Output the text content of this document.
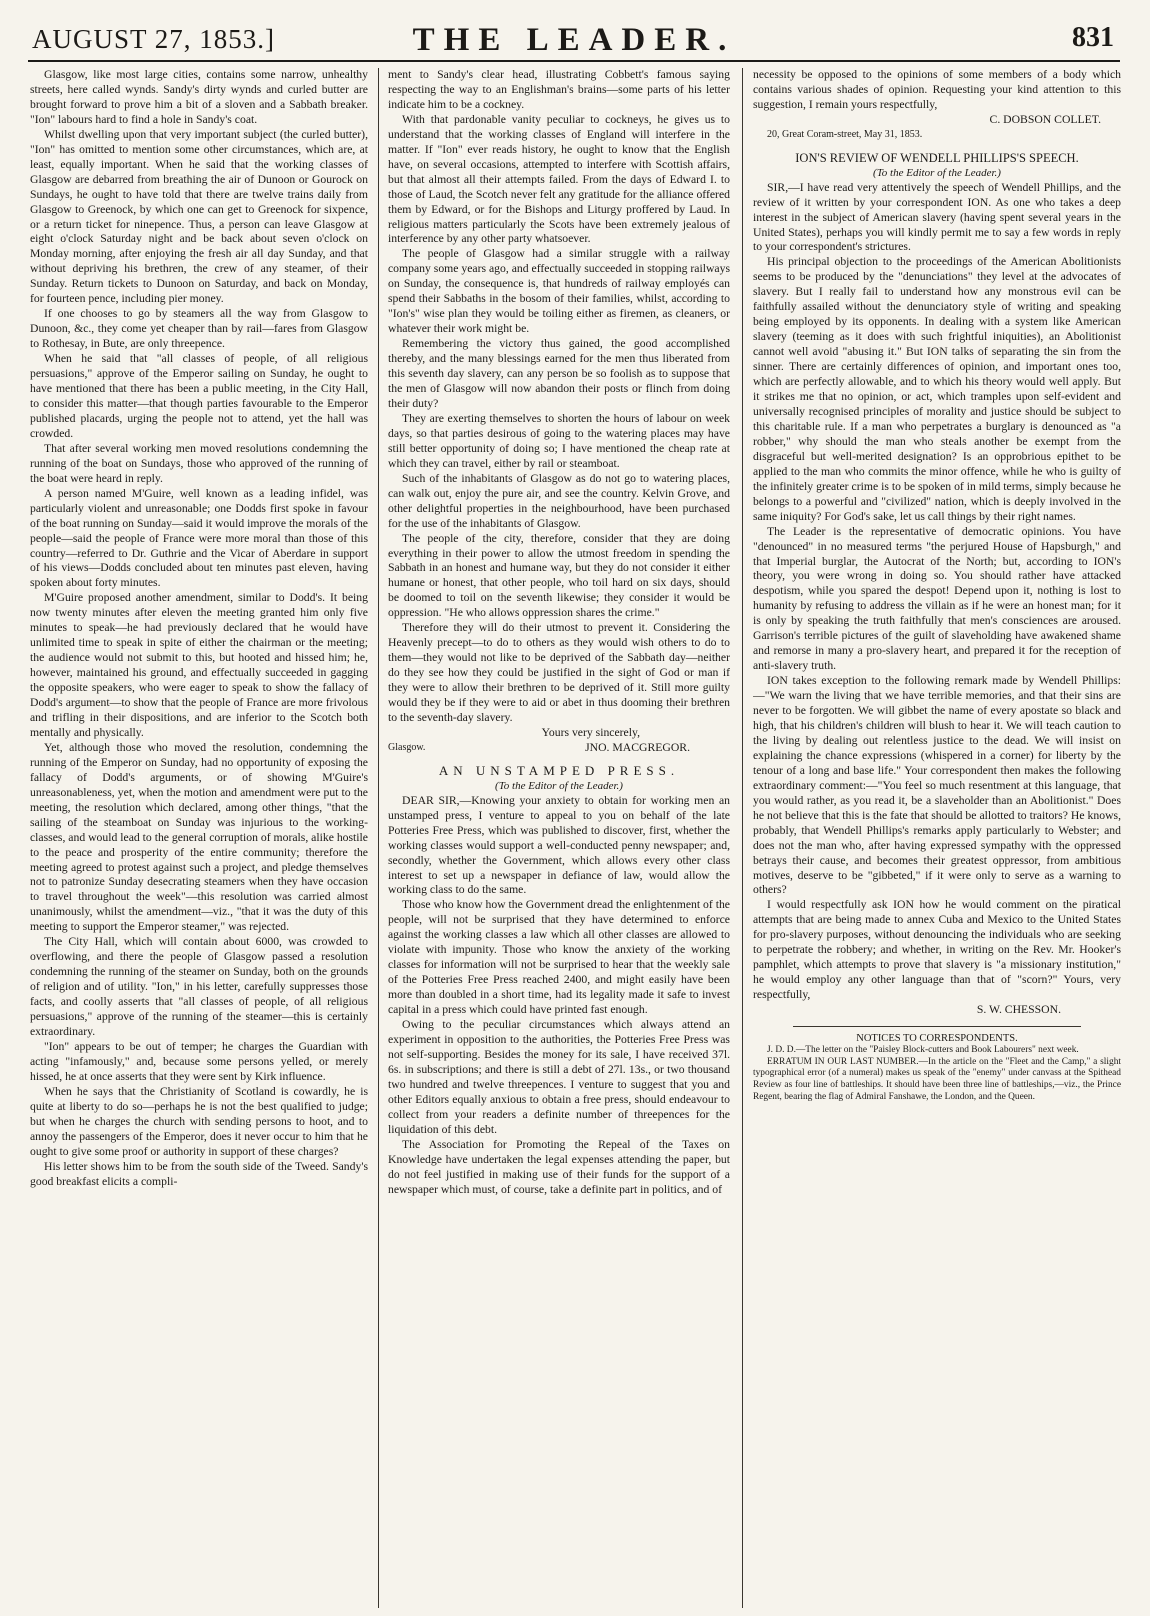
AUGUST 27, 1853.]	THE LEADER.	831

Glasgow, like most large cities, contains some narrow, unhealthy streets, here called wynds. Sandy's dirty wynds and curled butter are brought forward to prove him a bit of a sloven and a Sabbath breaker. "Ion" labours hard to find a hole in Sandy's coat.

Whilst dwelling upon that very important subject (the curled butter), "Ion" has omitted to mention some other circumstances, which are, at least, equally important. When he said that the working classes of Glasgow are debarred from breathing the air of Dunoon or Gourock on Sundays, he ought to have told that there are twelve trains daily from Glasgow to Greenock, by which one can get to Greenock for sixpence, or a return ticket for ninepence. Thus, a person can leave Glasgow at eight o'clock Saturday night and be back about seven o'clock on Monday morning, after enjoying the fresh air all day Sunday, and that without depriving his brethren, the crew of any steamer, of their Sunday. Return tickets to Dunoon on Saturday, and back on Monday, for fourteen pence, including pier money.

If one chooses to go by steamers all the way from Glasgow to Dunoon, &c., they come yet cheaper than by rail—fares from Glasgow to Rothesay, in Bute, are only threepence.

When he said that "all classes of people, of all religious persuasions," approve of the Emperor sailing on Sunday, he ought to have mentioned that there has been a public meeting, in the City Hall, to consider this matter—that though parties favourable to the Emperor published placards, urging the people not to attend, yet the hall was crowded.

That after several working men moved resolutions condemning the running of the boat on Sundays, those who approved of the running of the boat were heard in reply.

A person named M'Guire, well known as a leading infidel, was particularly violent and unreasonable; one Dodds first spoke in favour of the boat running on Sunday—said it would improve the morals of the people—said the people of France were more moral than those of this country—referred to Dr. Guthrie and the Vicar of Aberdare in support of his views—Dodds concluded about ten minutes past eleven, having spoken about forty minutes.

M'Guire proposed another amendment, similar to Dodd's. It being now twenty minutes after eleven the meeting granted him only five minutes to speak—he had previously declared that he would have unlimited time to speak in spite of either the chairman or the meeting; the audience would not submit to this, but hooted and hissed him; he, however, maintained his ground, and effectually succeeded in gagging the opposite speakers, who were eager to speak to show the fallacy of Dodd's argument—to show that the people of France are more frivolous and trifling in their dispositions, and are inferior to the Scotch both mentally and physically.

Yet, although those who moved the resolution, condemning the running of the Emperor on Sunday, had no opportunity of exposing the fallacy of Dodd's arguments, or of showing M'Guire's unreasonableness, yet, when the motion and amendment were put to the meeting, the resolution which declared, among other things, "that the sailing of the steamboat on Sunday was injurious to the working-classes, and would lead to the general corruption of morals, alike hostile to the peace and prosperity of the entire community; therefore the meeting agreed to protest against such a project, and pledge themselves not to patronize Sunday desecrating steamers when they have occasion to travel throughout the week"—this resolution was carried almost unanimously, whilst the amendment—viz., "that it was the duty of this meeting to support the Emperor steamer," was rejected.

The City Hall, which will contain about 6000, was crowded to overflowing, and there the people of Glasgow passed a resolution condemning the running of the steamer on Sunday, both on the grounds of religion and of utility. "Ion," in his letter, carefully suppresses those facts, and coolly asserts that "all classes of people, of all religious persuasions," approve of the running of the steamer—this is certainly extraordinary.

"Ion" appears to be out of temper; he charges the Guardian with acting "infamously," and, because some persons yelled, or merely hissed, he at once asserts that they were sent by Kirk influence.

When he says that the Christianity of Scotland is cowardly, he is quite at liberty to do so—perhaps he is not the best qualified to judge; but when he charges the church with sending persons to hoot, and to annoy the passengers of the Emperor, does it never occur to him that he ought to give some proof or authority in support of these charges?

His letter shows him to be from the south side of the Tweed. Sandy's good breakfast elicits a compli-

ment to Sandy's clear head, illustrating Cobbett's famous saying respecting the way to an Englishman's brains—some parts of his letter indicate him to be a cockney.

With that pardonable vanity peculiar to cockneys, he gives us to understand that the working classes of England will interfere in the matter. If "Ion" ever reads history, he ought to know that the English have, on several occasions, attempted to interfere with Scottish affairs, but that almost all their attempts failed. From the days of Edward I. to those of Laud, the Scotch never felt any gratitude for the alliance offered them by Edward, or for the Bishops and Liturgy proffered by Laud. In religious matters particularly the Scots have been extremely jealous of interference by any other party whatsoever.

The people of Glasgow had a similar struggle with a railway company some years ago, and effectually succeeded in stopping railways on Sunday, the consequence is, that hundreds of railway employés can spend their Sabbaths in the bosom of their families, whilst, according to "Ion's" wise plan they would be toiling either as firemen, as cleaners, or whatever their work might be.

Remembering the victory thus gained, the good accomplished thereby, and the many blessings earned for the men thus liberated from this seventh day slavery, can any person be so foolish as to suppose that the men of Glasgow will now abandon their posts or flinch from doing their duty?

They are exerting themselves to shorten the hours of labour on week days, so that parties desirous of going to the watering places may have still better opportunity of doing so; I have mentioned the cheap rate at which they can travel, either by rail or steamboat.

Such of the inhabitants of Glasgow as do not go to watering places, can walk out, enjoy the pure air, and see the country. Kelvin Grove, and other delightful properties in the neighbourhood, have been purchased for the use of the inhabitants of Glasgow.

The people of the city, therefore, consider that they are doing everything in their power to allow the utmost freedom in spending the Sabbath in an honest and humane way, but they do not consider it either humane or honest, that other people, who toil hard on six days, should be doomed to toil on the seventh likewise; they consider it would be oppression. "He who allows oppression shares the crime."

Therefore they will do their utmost to prevent it. Considering the Heavenly precept—to do to others as they would wish others to do to them—they would not like to be deprived of the Sabbath day—neither do they see how they could be justified in the sight of God or man if they were to allow their brethren to be deprived of it. Still more guilty would they be if they were to aid or abet in thus dooming their brethren to the seventh-day slavery.

Yours very sincerely,

Glasgow.	JNO. MACGREGOR.

AN UNSTAMPED PRESS.

(To the Editor of the Leader.)

DEAR SIR,—Knowing your anxiety to obtain for working men an unstamped press, I venture to appeal to you on behalf of the late Potteries Free Press, which was published to discover, first, whether the working classes would support a well-conducted penny newspaper; and, secondly, whether the Government, which allows every other class interest to set up a newspaper in defiance of law, would allow the working class to do the same.

Those who know how the Government dread the enlightenment of the people, will not be surprised that they have determined to enforce against the working classes a law which all other classes are allowed to violate with impunity. Those who know the anxiety of the working classes for information will not be surprised to hear that the weekly sale of the Potteries Free Press reached 2400, and might easily have been more than doubled in a short time, had its legality made it safe to invest capital in a press which could have printed fast enough.

Owing to the peculiar circumstances which always attend an experiment in opposition to the authorities, the Potteries Free Press was not self-supporting. Besides the money for its sale, I have received 37l. 6s. in subscriptions; and there is still a debt of 27l. 13s., or two thousand two hundred and twelve threepences. I venture to suggest that you and other Editors equally anxious to obtain a free press, should endeavour to collect from your readers a definite number of threepences for the liquidation of this debt.

The Association for Promoting the Repeal of the Taxes on Knowledge have undertaken the legal expenses attending the paper, but do not feel justified in making use of their funds for the support of a newspaper which must, of course, take a definite part in politics, and of

necessity be opposed to the opinions of some members of a body which contains various shades of opinion. Requesting your kind attention to this suggestion, I remain yours respectfully,

C. DOBSON COLLET.

20, Great Coram-street, May 31, 1853.

ION'S REVIEW OF WENDELL PHILLIPS'S SPEECH.

(To the Editor of the Leader.)

SIR,—I have read very attentively the speech of Wendell Phillips, and the review of it written by your correspondent ION. As one who takes a deep interest in the subject of American slavery (having spent several years in the United States), perhaps you will kindly permit me to say a few words in reply to your correspondent's strictures.

His principal objection to the proceedings of the American Abolitionists seems to be produced by the "denunciations" they level at the advocates of slavery. But I really fail to understand how any monstrous evil can be faithfully assailed without the denunciatory style of writing and speaking being employed by its opponents. In dealing with a system like American slavery (teeming as it does with such frightful iniquities), an Abolitionist cannot well avoid "abusing it." But ION talks of separating the sin from the sinner. There are certainly differences of opinion, and important ones too, which are perfectly allowable, and to which his theory would well apply. But it strikes me that no opinion, or act, which tramples upon self-evident and universally recognised principles of morality and justice should be subject to this charitable rule. If a man who perpetrates a burglary is denounced as "a robber," why should the man who steals another be exempt from the disgraceful but well-merited designation? Is an opprobrious epithet to be applied to the man who commits the minor offence, while he who is guilty of the infinitely greater crime is to be spoken of in mild terms, simply because he belongs to a powerful and "civilized" nation, which is deeply involved in the same iniquity? For God's sake, let us call things by their right names.

The Leader is the representative of democratic opinions. You have "denounced" in no measured terms "the perjured House of Hapsburgh," and that Imperial burglar, the Autocrat of the North; but, according to ION's theory, you were wrong in doing so. You should rather have attacked despotism, while you spared the despot! Depend upon it, nothing is lost to humanity by refusing to address the villain as if he were an honest man; for it is only by speaking the truth faithfully that men's consciences are aroused. Garrison's terrible pictures of the guilt of slaveholding have awakened shame and remorse in many a pro-slavery heart, and prepared it for the reception of anti-slavery truth.

ION takes exception to the following remark made by Wendell Phillips:—"We warn the living that we have terrible memories, and that their sins are never to be forgotten. We will gibbet the name of every apostate so black and high, that his children's children will blush to hear it. We will teach caution to the living by dealing out relentless justice to the dead. We will insist on explaining the chance expressions (whispered in a corner) for liberty by the tenour of a long and base life." Your correspondent then makes the following extraordinary comment:—"You feel so much resentment at this language, that you would rather, as you read it, be a slaveholder than an Abolitionist." Does he not believe that this is the fate that should be allotted to traitors? He knows, probably, that Wendell Phillips's remarks apply particularly to Webster; and does not the man who, after having expressed sympathy with the oppressed betrays their cause, and becomes their greatest oppressor, from ambitious motives, deserve to be "gibbeted," if it were only to serve as a warning to others?

I would respectfully ask ION how he would comment on the piratical attempts that are being made to annex Cuba and Mexico to the United States for pro-slavery purposes, without denouncing the individuals who are seeking to perpetrate the robbery; and whether, in writing on the Rev. Mr. Hooker's pamphlet, which attempts to prove that slavery is "a missionary institution," he would employ any other language than that of "scorn?" Yours, very respectfully,

S. W. CHESSON.

NOTICES TO CORRESPONDENTS.

J. D. D.—The letter on the "Paisley Block-cutters and Book Labourers" next week.

ERRATUM IN OUR LAST NUMBER.—In the article on the "Fleet and the Camp," a slight typographical error (of a numeral) makes us speak of the "enemy" under canvass at the Spithead Review as four line of battleships. It should have been three line of battleships,—viz., the Prince Regent, bearing the flag of Admiral Fanshawe, the London, and the Queen.
